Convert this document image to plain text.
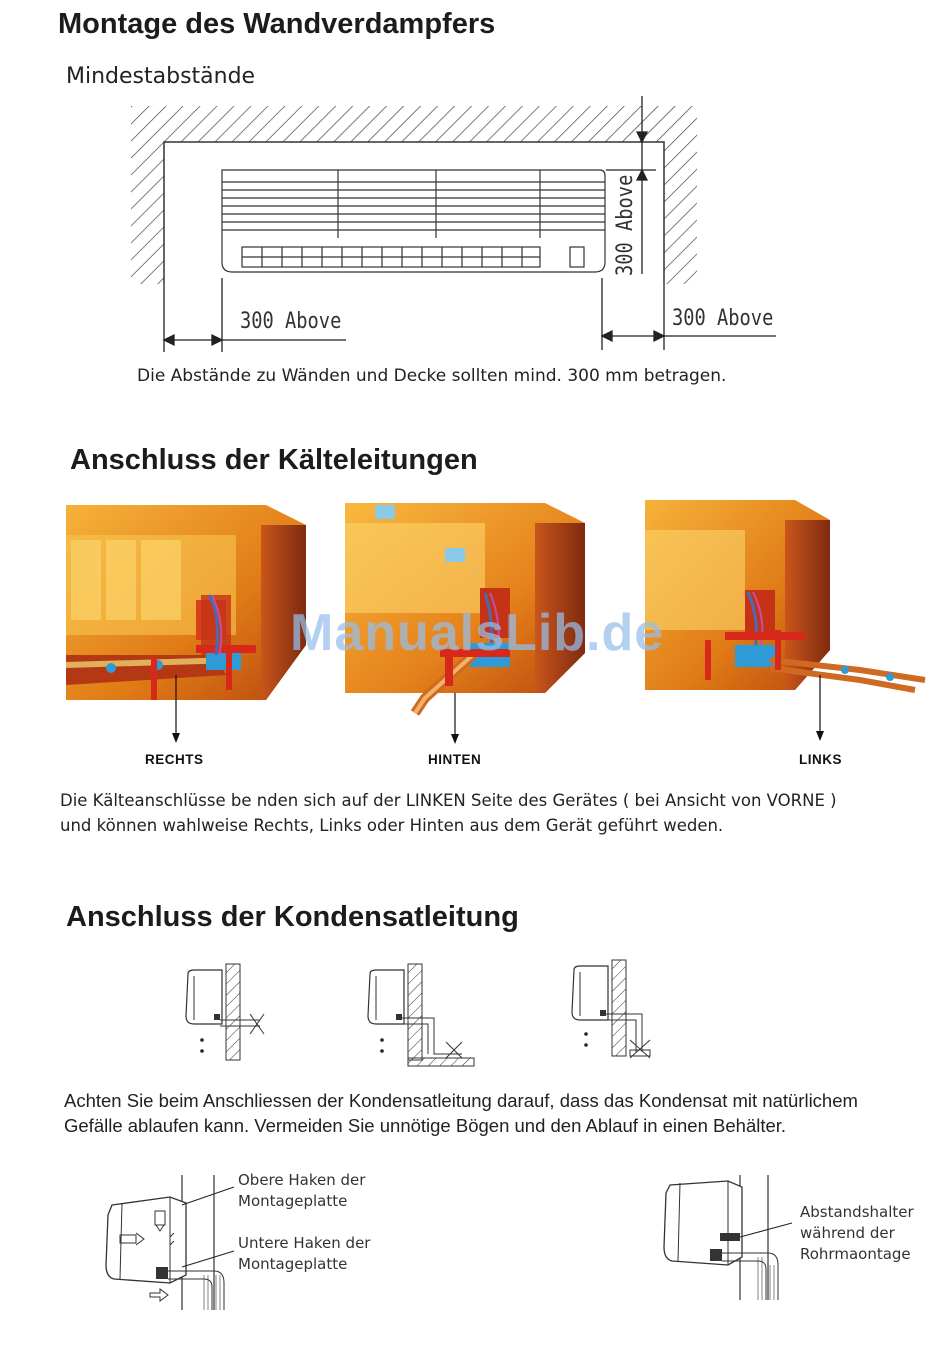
Montage des Wandverdampfers
Mindestabstände
300 Above	300 Above
300 Above
Die Abstände zu Wänden und Decke sollten mind. 300 mm betragen.
Anschluss der Kälteleitungen
ManualsLib.de
RECHTS	HINTEN	LINKS
Die Kälteanschlüsse be nden sich auf der LINKEN Seite des Gerätes ( bei Ansicht von VORNE )
und können wahlweise Rechts, Links oder Hinten aus dem Gerät geführt weden.
Anschluss der Kondensatleitung
Achten Sie beim Anschliessen der Kondensatleitung darauf, dass das Kondensat mit natürlichem
Gefälle ablaufen kann. Vermeiden Sie unnötige Bögen und den Ablauf in einen Behälter.
Obere Haken der
Montageplatte
Untere Haken der
Montageplatte
Abstandshalter
während der
Rohrmaontage
